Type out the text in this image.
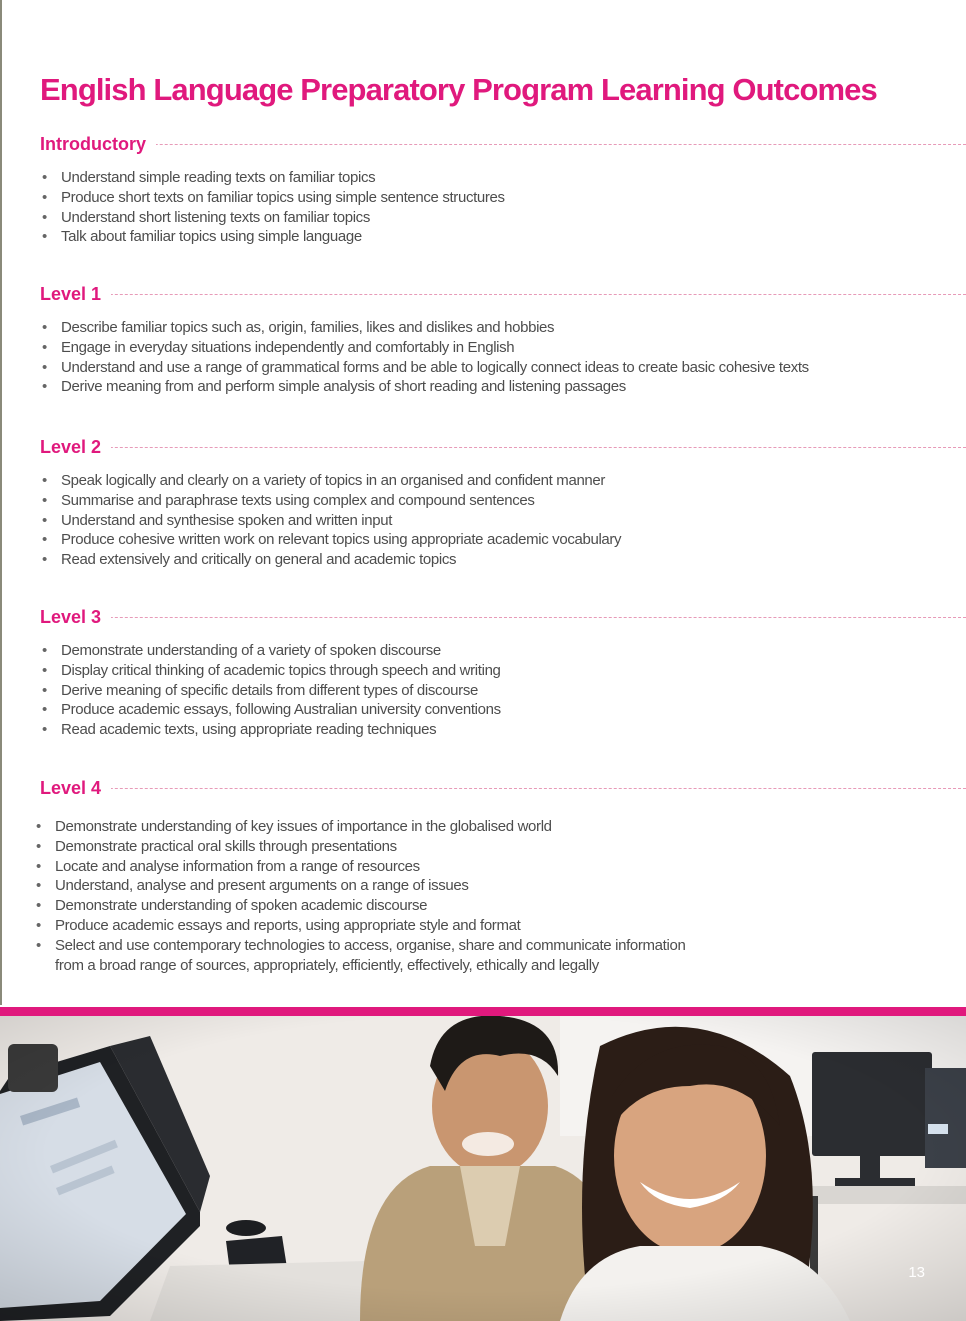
English Language Preparatory Program Learning Outcomes
Introductory
• Understand simple reading texts on familiar topics
• Produce short texts on familiar topics using simple sentence structures
• Understand short listening texts on familiar topics
• Talk about familiar topics using simple language
Level 1
• Describe familiar topics such as, origin, families, likes and dislikes and hobbies
• Engage in everyday situations independently and comfortably in English
• Understand and use a range of grammatical forms and be able to logically connect ideas to create basic cohesive texts
• Derive meaning from and perform simple analysis of short reading and listening passages
Level 2
• Speak logically and clearly on a variety of topics in an organised and confident manner
• Summarise and paraphrase texts using complex and compound sentences
• Understand and synthesise spoken and written input
• Produce cohesive written work on relevant topics using appropriate academic vocabulary
• Read extensively and critically on general and academic topics
Level 3
• Demonstrate understanding of a variety of spoken discourse
• Display critical thinking of academic topics through speech and writing
• Derive meaning of specific details from different types of discourse
• Produce academic essays, following Australian university conventions
• Read academic texts, using appropriate reading techniques
Level 4
• Demonstrate understanding of key issues of importance in the globalised world
• Demonstrate practical oral skills through presentations
• Locate and analyse information from a range of resources
• Understand, analyse and present arguments on a range of issues
• Demonstrate understanding of spoken academic discourse
• Produce academic essays and reports, using appropriate style and format
• Select and use contemporary technologies to access, organise, share and communicate information
from a broad range of sources, appropriately, efficiently, effectively, ethically and legally
13
